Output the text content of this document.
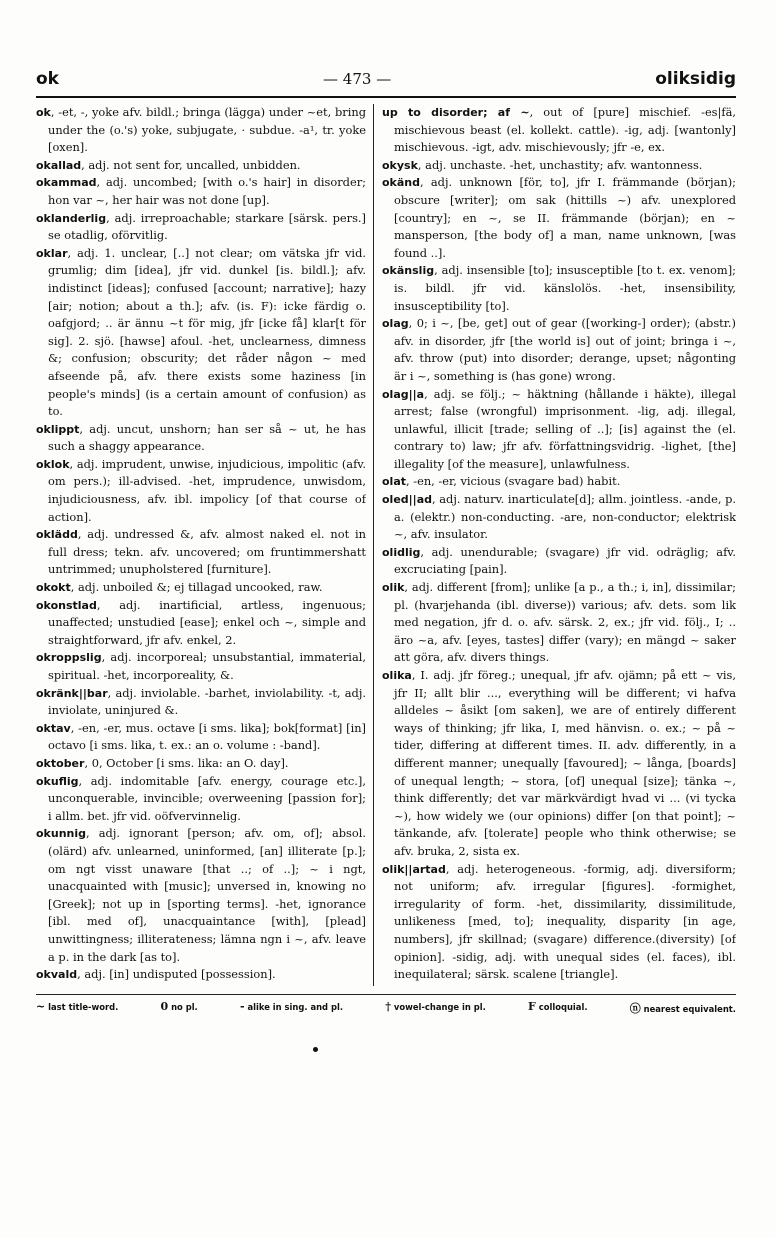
ok	— 473 —	oliksidig

ok, -et, -, yoke afv. bildl.; bringa (lägga) under ~et, bring under the (o.'s) yoke, subjugate, · subdue. -a¹, tr. yoke [oxen].

okallad, adj. not sent for, uncalled, unbidden.

okammad, adj. uncombed; [with o.'s hair] in disorder; hon var ~, her hair was not done [up].

oklanderlig, adj. irreproachable; starkare [särsk. pers.] se otadlig, oförvitlig.

oklar, adj. 1. unclear, [..] not clear; om vätska jfr vid. grumlig; dim [idea], jfr vid. dunkel [is. bildl.]; afv. indistinct [ideas]; confused [account; narrative]; hazy [air; notion; about a th.]; afv. (is. F): icke färdig o. oafgjord; .. är ännu ~t för mig, jfr [icke få] klar[t för sig]. 2. sjö. [hawse] afoul. -het, unclearness, dimness &; confusion; obscurity; det råder någon ~ med afseende på, afv. there exists some haziness [in people's minds] (is a certain amount of confusion) as to.

oklippt, adj. uncut, unshorn; han ser så ~ ut, he has such a shaggy appearance.

oklok, adj. imprudent, unwise, injudicious, impolitic (afv. om pers.); ill-advised. -het, imprudence, unwisdom, injudiciousness, afv. ibl. impolicy [of that course of action].

oklädd, adj. undressed &, afv. almost naked el. not in full dress; tekn. afv. uncovered; om fruntimmershatt untrimmed; unupholstered [furniture].

okokt, adj. unboiled &; ej tillagad uncooked, raw.

okonstlad, adj. inartificial, artless, ingenuous; unaffected; unstudied [ease]; enkel och ~, simple and straightforward, jfr afv. enkel, 2.

okroppslig, adj. incorporeal; unsubstantial, immaterial, spiritual. -het, incorporeality, &.

okränk||bar, adj. inviolable. -barhet, inviolability. -t, adj. inviolate, uninjured &.

oktav, -en, -er, mus. octave [i sms. lika]; bok[format] [in] octavo [i sms. lika, t. ex.: an o. volume : -band].

oktober, 0, October [i sms. lika: an O. day].

okuflig, adj. indomitable [afv. energy, courage etc.], unconquerable, invincible; overweening [passion for]; i allm. bet. jfr vid. oöfvervinnelig.

okunnig, adj. ignorant [person; afv. om, of]; absol. (olärd) afv. unlearned, uninformed, [an] illiterate [p.]; om ngt visst unaware [that ..; of ..]; ~ i ngt, unacquainted with [music]; unversed in, knowing no [Greek]; not up in [sporting terms]. -het, ignorance [ibl. med of], unacquaintance [with], [plead] unwittingness; illiterateness; lämna ngn i ~, afv. leave a p. in the dark [as to].

okvald, adj. [in] undisputed [possession].

up to disorder; af ~, out of [pure] mischief. -es|fä, mischievous beast (el. kollekt. cattle). -ig, adj. [wantonly] mischievous. -igt, adv. mischievously; jfr -e, ex.

okysk, adj. unchaste. -het, unchastity; afv. wantonness.

okänd, adj. unknown [för, to], jfr I. främmande (början); obscure [writer]; om sak (hittills ~) afv. unexplored [country]; en ~, se II. främmande (början); en ~ mansperson, [the body of] a man, name unknown, [was found ..].

okänslig, adj. insensible [to]; insusceptible [to t. ex. venom]; is. bildl. jfr vid. känslolös. -het, insensibility, insusceptibility [to].

olag, 0; i ~, [be, get] out of gear ([working-] order); (abstr.) afv. in disorder, jfr [the world is] out of joint; bringa i ~, afv. throw (put) into disorder; derange, upset; någonting är i ~, something is (has gone) wrong.

olag||a, adj. se följ.; ~ häktning (hållande i häkte), illegal arrest; false (wrongful) imprisonment. -lig, adj. illegal, unlawful, illicit [trade; selling of ..]; [is] against the (el. contrary to) law; jfr afv. författningsvidrig. -lighet, [the] illegality [of the measure], unlawfulness.

olat, -en, -er, vicious (svagare bad) habit.

oled||ad, adj. naturv. inarticulate[d]; allm. jointless. -ande, p. a. (elektr.) non-conducting. -are, non-conductor; elektrisk ~, afv. insulator.

olidlig, adj. unendurable; (svagare) jfr vid. odräglig; afv. excruciating [pain].

olik, adj. different [from]; unlike [a p., a th.; i, in], dissimilar; pl. (hvarjehanda (ibl. diverse)) various; afv. dets. som lik med negation, jfr d. o. afv. särsk. 2, ex.; jfr vid. följ., I; .. äro ~a, afv. [eyes, tastes] differ (vary); en mängd ~ saker att göra, afv. divers things.

olika, I. adj. jfr föreg.; unequal, jfr afv. ojämn; på ett ~ vis, jfr II; allt blir ..., everything will be different; vi hafva alldeles ~ åsikt [om saken], we are of entirely different ways of thinking; jfr lika, I, med hänvisn. o. ex.; ~ på ~ tider, differing at different times. II. adv. differently, in a different manner; unequally [favoured]; ~ långa, [boards] of unequal length; ~ stora, [of] unequal [size]; tänka ~, think differently; det var märkvärdigt hvad vi ... (vi tycka ~), how widely we (our opinions) differ [on that point]; ~ tänkande, afv. [tolerate] people who think otherwise; se afv. bruka, 2, sista ex.

olik||artad, adj. heterogeneous. -formig, adj. diversiform; not uniform; afv. irregular [figures]. -formighet, irregularity of form. -het, dissimilarity, dissimilitude, unlikeness [med, to]; inequality, disparity [in age, numbers], jfr skillnad; (svagare) difference.(diversity) [of opinion]. -sidig, adj. with unequal sides (el. faces), ibl. inequilateral; särsk. scalene [triangle].

~ last title-word.	0 no pl.	- alike in sing. and pl.	† vowel-change in pl.	F colloquial.	ⓝ nearest equivalent.
